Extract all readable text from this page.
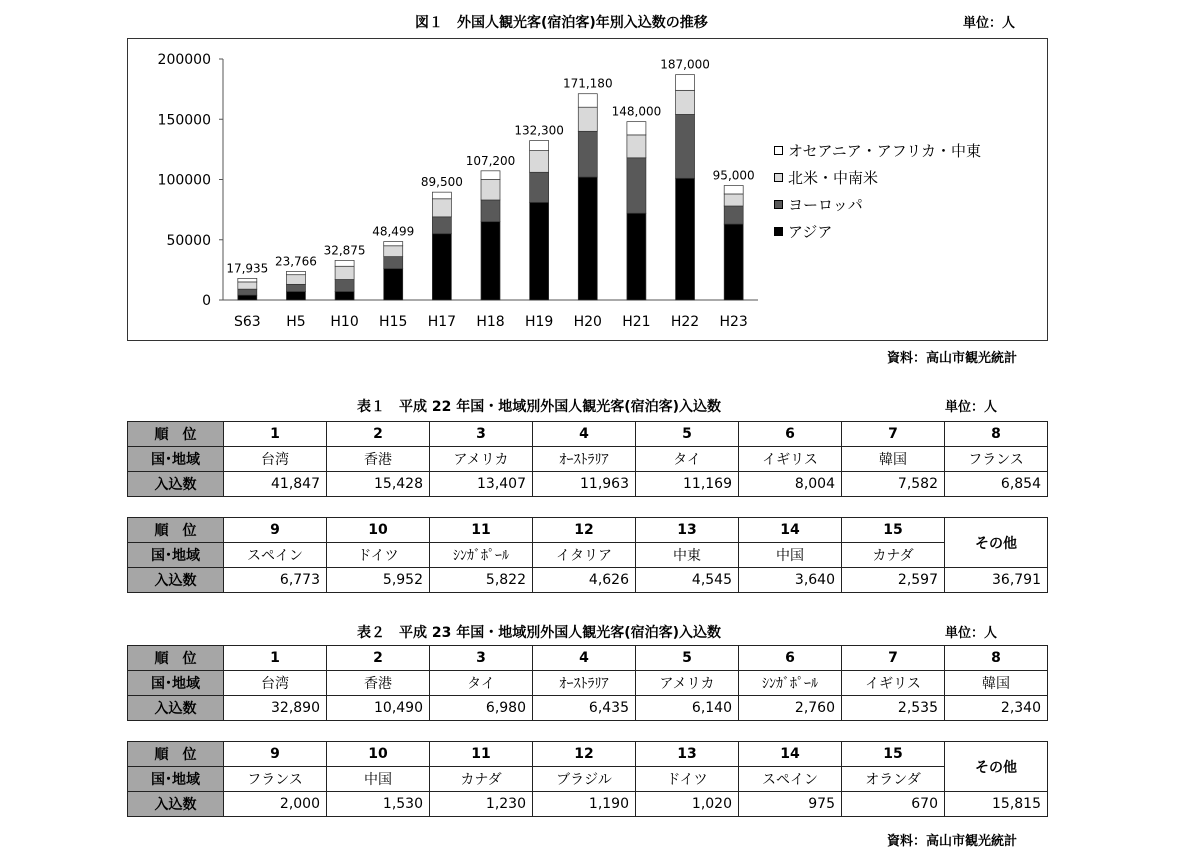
図１　外国人観光客(宿泊客)年別入込数の推移	単位：人
0
50000
100000
150000
200000
17,935
S63
23,766
H5
32,875
H10
48,499
H15
89,500
H17
107,200
H18
132,300
H19
171,180
H20
148,000
H21
187,000
H22
95,000
H23
オセアニア・アフリカ・中東
北米・中南米
ヨーロッパ
アジア
資料：高山市観光統計
表１　平成 22 年国・地域別外国人観光客(宿泊客)入込数	単位：人
順　位	1	2	3	4	5	6	7	8
国･地域	台湾	香港	アメリカ	ｵｰｽﾄﾗﾘｱ	タイ	イギリス	韓国	フランス
入込数	41,847	15,428	13,407	11,963	11,169	8,004	7,582	6,854
順　位	9	10	11	12	13	14	15	その他
国･地域	スペイン	ドイツ	ｼﾝｶﾞﾎﾟｰﾙ	イタリア	中東	中国	カナダ	
入込数	6,773	5,952	5,822	4,626	4,545	3,640	2,597	36,791
表２　平成 23 年国・地域別外国人観光客(宿泊客)入込数	単位：人
順　位	1	2	3	4	5	6	7	8
国･地域	台湾	香港	タイ	ｵｰｽﾄﾗﾘｱ	アメリカ	ｼﾝｶﾞﾎﾟｰﾙ	イギリス	韓国
入込数	32,890	10,490	6,980	6,435	6,140	2,760	2,535	2,340
順　位	9	10	11	12	13	14	15	その他
国･地域	フランス	中国	カナダ	ブラジル	ドイツ	スペイン	オランダ	
入込数	2,000	1,530	1,230	1,190	1,020	975	670	15,815
資料：高山市観光統計
